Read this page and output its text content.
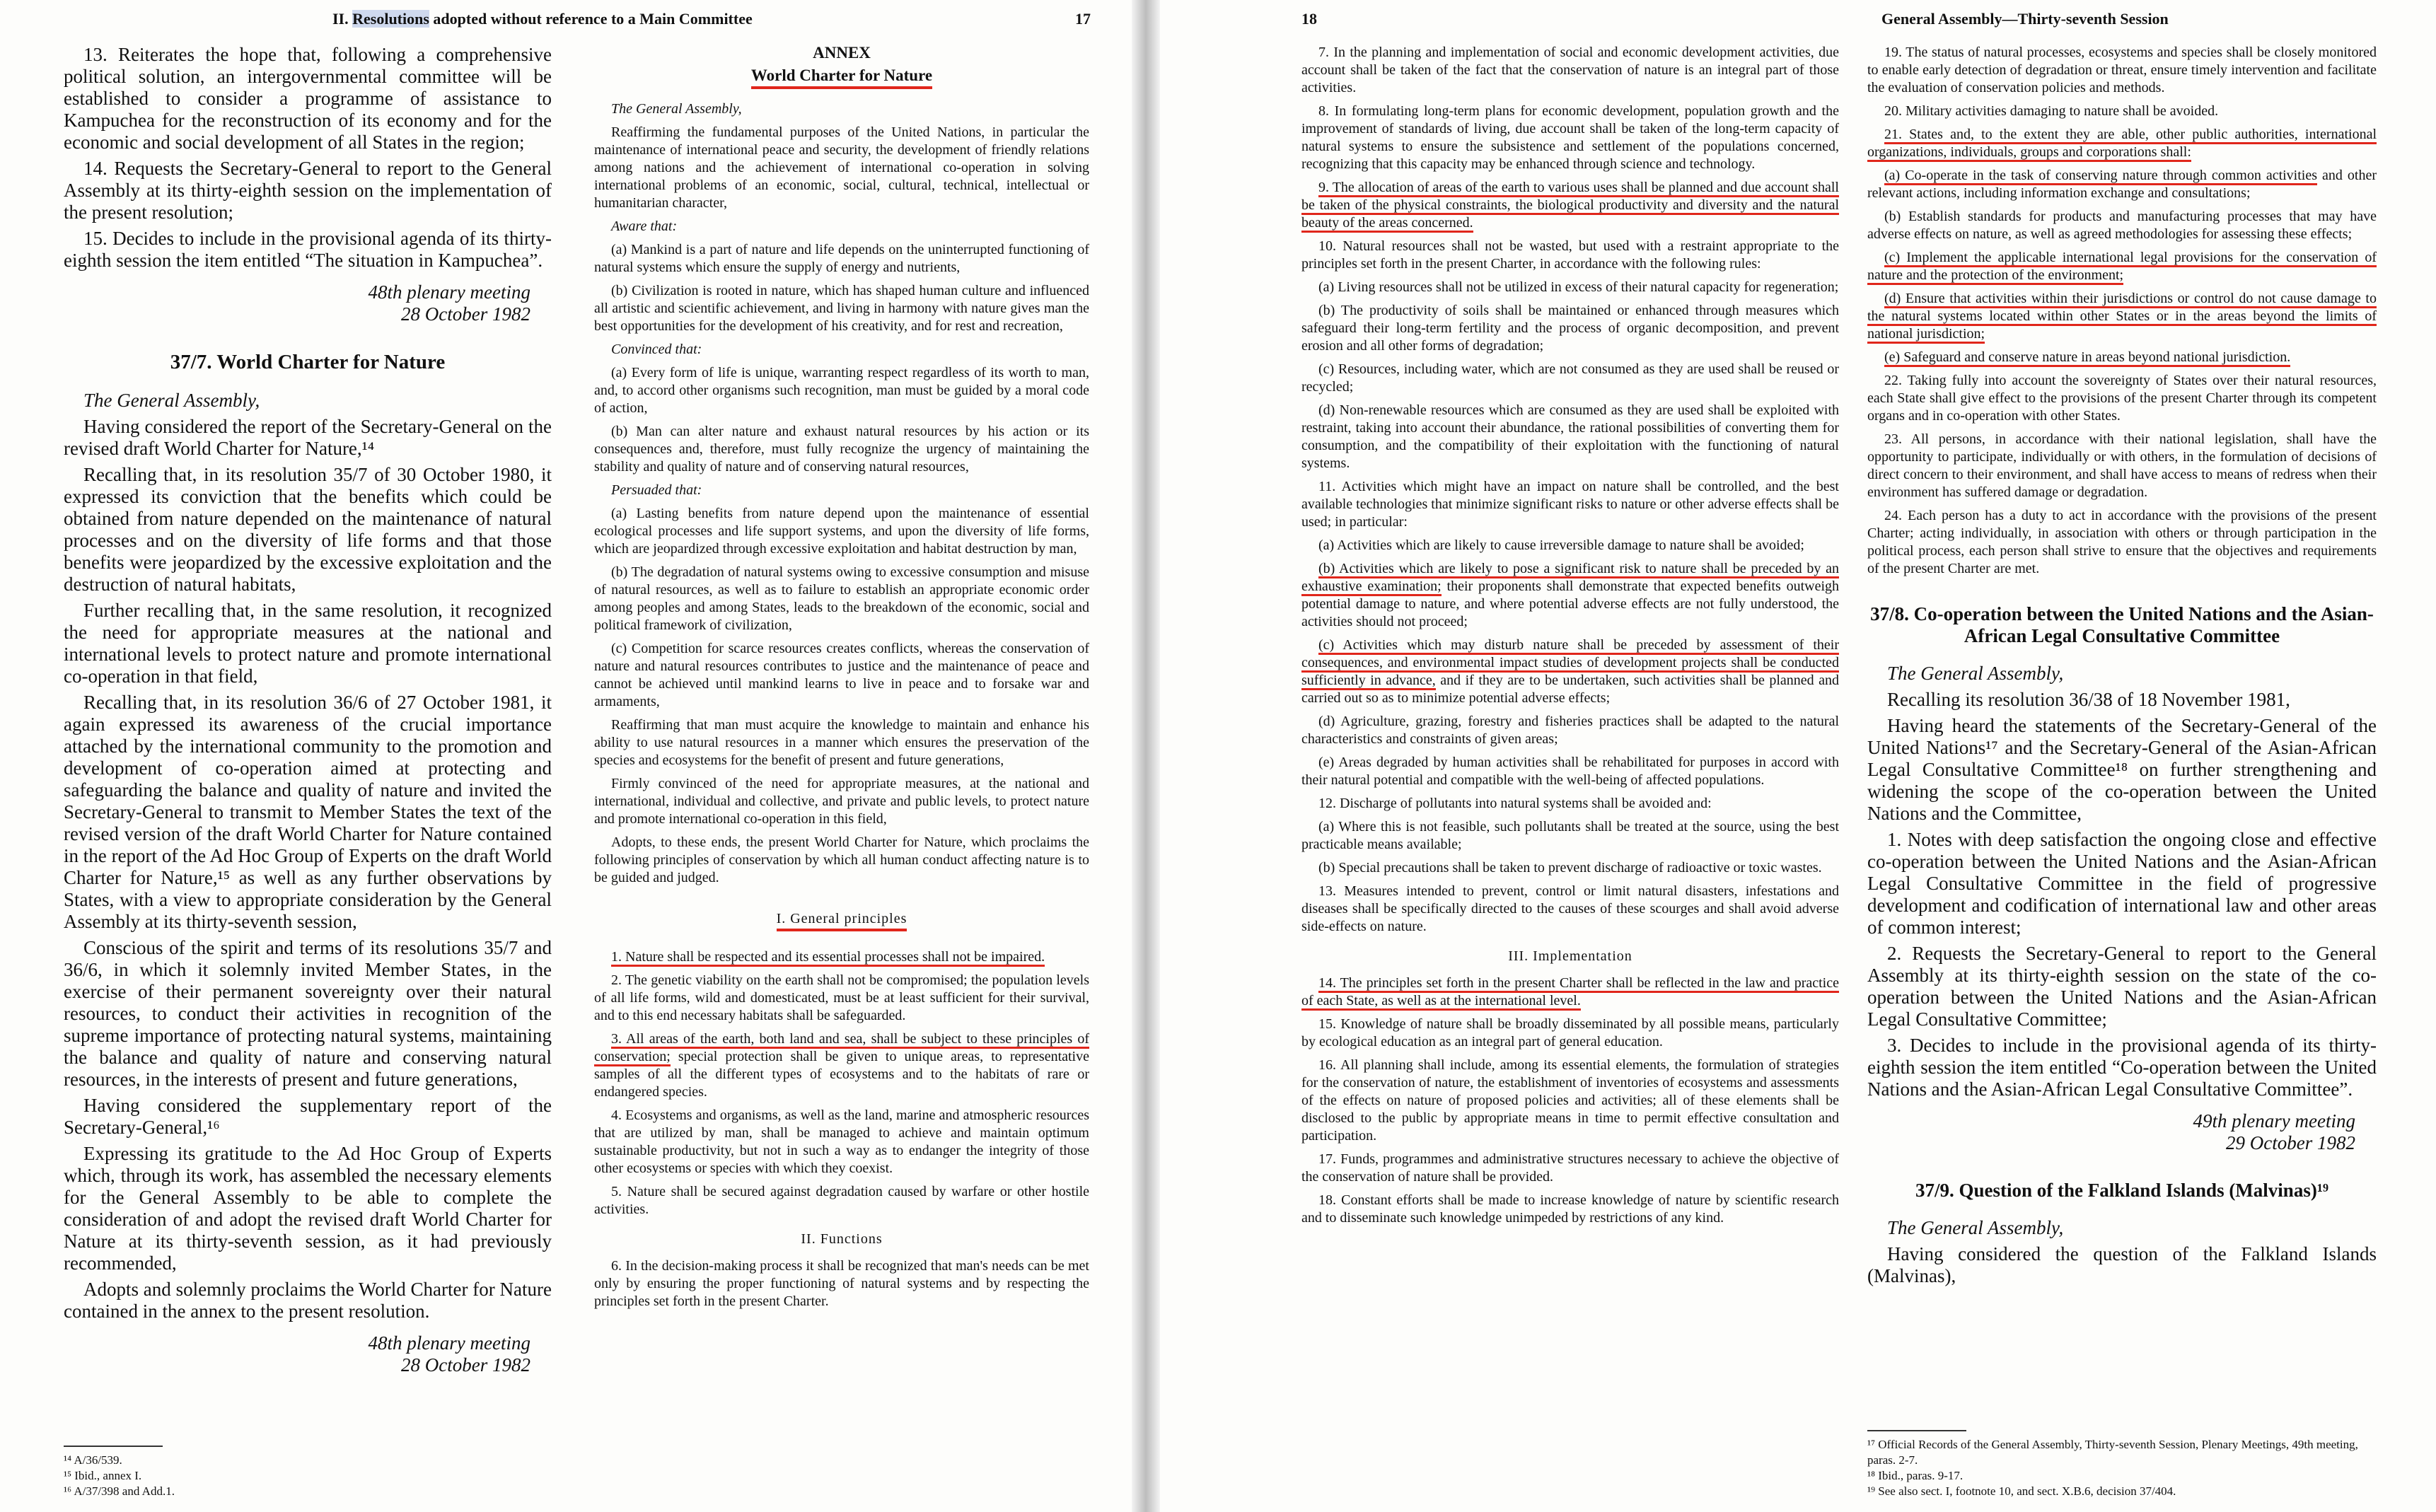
II. Resolutions adopted without reference to a Main Committee	17

13. Reiterates the hope that, following a comprehensive political solution, an intergovernmental committee will be established to consider a programme of assistance to Kampuchea for the reconstruction of its economy and for the economic and social development of all States in the region;

14. Requests the Secretary-General to report to the General Assembly at its thirty-eighth session on the implementation of the present resolution;

15. Decides to include in the provisional agenda of its thirty-eighth session the item entitled “The situation in Kampuchea”.

48th plenary meeting
28 October 1982
37/7. World Charter for Nature

The General Assembly,

Having considered the report of the Secretary-General on the revised draft World Charter for Nature,¹⁴

Recalling that, in its resolution 35/7 of 30 October 1980, it expressed its conviction that the benefits which could be obtained from nature depended on the maintenance of natural processes and on the diversity of life forms and that those benefits were jeopardized by the excessive exploitation and the destruction of natural habitats,

Further recalling that, in the same resolution, it recognized the need for appropriate measures at the national and international levels to protect nature and promote international co-operation in that field,

Recalling that, in its resolution 36/6 of 27 October 1981, it again expressed its awareness of the crucial importance attached by the international community to the promotion and development of co-operation aimed at protecting and safeguarding the balance and quality of nature and invited the Secretary-General to transmit to Member States the text of the revised version of the draft World Charter for Nature contained in the report of the Ad Hoc Group of Experts on the draft World Charter for Nature,¹⁵ as well as any further observations by States, with a view to appropriate consideration by the General Assembly at its thirty-seventh session,

Conscious of the spirit and terms of its resolutions 35/7 and 36/6, in which it solemnly invited Member States, in the exercise of their permanent sovereignty over their natural resources, to conduct their activities in recognition of the supreme importance of protecting natural systems, maintaining the balance and quality of nature and conserving natural resources, in the interests of present and future generations,

Having considered the supplementary report of the Secretary-General,¹⁶

Expressing its gratitude to the Ad Hoc Group of Experts which, through its work, has assembled the necessary elements for the General Assembly to be able to complete the consideration of and adopt the revised draft World Charter for Nature at its thirty-seventh session, as it had previously recommended,

Adopts and solemnly proclaims the World Charter for Nature contained in the annex to the present resolution.

48th plenary meeting
28 October 1982

¹⁴ A/36/539.

¹⁵ Ibid., annex I.

¹⁶ A/37/398 and Add.1.

ANNEX
World Charter for Nature

The General Assembly,

Reaffirming the fundamental purposes of the United Nations, in particular the maintenance of international peace and security, the development of friendly relations among nations and the achievement of international co-operation in solving international problems of an economic, social, cultural, technical, intellectual or humanitarian character,

Aware that:

(a) Mankind is a part of nature and life depends on the uninterrupted functioning of natural systems which ensure the supply of energy and nutrients,

(b) Civilization is rooted in nature, which has shaped human culture and influenced all artistic and scientific achievement, and living in harmony with nature gives man the best opportunities for the development of his creativity, and for rest and recreation,

Convinced that:

(a) Every form of life is unique, warranting respect regardless of its worth to man, and, to accord other organisms such recognition, man must be guided by a moral code of action,

(b) Man can alter nature and exhaust natural resources by his action or its consequences and, therefore, must fully recognize the urgency of maintaining the stability and quality of nature and of conserving natural resources,

Persuaded that:

(a) Lasting benefits from nature depend upon the maintenance of essential ecological processes and life support systems, and upon the diversity of life forms, which are jeopardized through excessive exploitation and habitat destruction by man,

(b) The degradation of natural systems owing to excessive consumption and misuse of natural resources, as well as to failure to establish an appropriate economic order among peoples and among States, leads to the breakdown of the economic, social and political framework of civilization,

(c) Competition for scarce resources creates conflicts, whereas the conservation of nature and natural resources contributes to justice and the maintenance of peace and cannot be achieved until mankind learns to live in peace and to forsake war and armaments,

Reaffirming that man must acquire the knowledge to maintain and enhance his ability to use natural resources in a manner which ensures the preservation of the species and ecosystems for the benefit of present and future generations,

Firmly convinced of the need for appropriate measures, at the national and international, individual and collective, and private and public levels, to protect nature and promote international co-operation in this field,

Adopts, to these ends, the present World Charter for Nature, which proclaims the following principles of conservation by which all human conduct affecting nature is to be guided and judged.

I. General principles

1. Nature shall be respected and its essential processes shall not be impaired.

2. The genetic viability on the earth shall not be compromised; the population levels of all life forms, wild and domesticated, must be at least sufficient for their survival, and to this end necessary habitats shall be safeguarded.

3. All areas of the earth, both land and sea, shall be subject to these principles of conservation; special protection shall be given to unique areas, to representative samples of all the different types of ecosystems and to the habitats of rare or endangered species.

4. Ecosystems and organisms, as well as the land, marine and atmospheric resources that are utilized by man, shall be managed to achieve and maintain optimum sustainable productivity, but not in such a way as to endanger the integrity of those other ecosystems or species with which they coexist.

5. Nature shall be secured against degradation caused by warfare or other hostile activities.

II. Functions

6. In the decision-making process it shall be recognized that man's needs can be met only by ensuring the proper functioning of natural systems and by respecting the principles set forth in the present Charter.

18	General Assembly—Thirty-seventh Session

7. In the planning and implementation of social and economic development activities, due account shall be taken of the fact that the conservation of nature is an integral part of those activities.

8. In formulating long-term plans for economic development, population growth and the improvement of standards of living, due account shall be taken of the long-term capacity of natural systems to ensure the subsistence and settlement of the populations concerned, recognizing that this capacity may be enhanced through science and technology.

9. The allocation of areas of the earth to various uses shall be planned and due account shall be taken of the physical constraints, the biological productivity and diversity and the natural beauty of the areas concerned.

10. Natural resources shall not be wasted, but used with a restraint appropriate to the principles set forth in the present Charter, in accordance with the following rules:

(a) Living resources shall not be utilized in excess of their natural capacity for regeneration;

(b) The productivity of soils shall be maintained or enhanced through measures which safeguard their long-term fertility and the process of organic decomposition, and prevent erosion and all other forms of degradation;

(c) Resources, including water, which are not consumed as they are used shall be reused or recycled;

(d) Non-renewable resources which are consumed as they are used shall be exploited with restraint, taking into account their abundance, the rational possibilities of converting them for consumption, and the compatibility of their exploitation with the functioning of natural systems.

11. Activities which might have an impact on nature shall be controlled, and the best available technologies that minimize significant risks to nature or other adverse effects shall be used; in particular:

(a) Activities which are likely to cause irreversible damage to nature shall be avoided;

(b) Activities which are likely to pose a significant risk to nature shall be preceded by an exhaustive examination; their proponents shall demonstrate that expected benefits outweigh potential damage to nature, and where potential adverse effects are not fully understood, the activities should not proceed;

(c) Activities which may disturb nature shall be preceded by assessment of their consequences, and environmental impact studies of development projects shall be conducted sufficiently in advance, and if they are to be undertaken, such activities shall be planned and carried out so as to minimize potential adverse effects;

(d) Agriculture, grazing, forestry and fisheries practices shall be adapted to the natural characteristics and constraints of given areas;

(e) Areas degraded by human activities shall be rehabilitated for purposes in accord with their natural potential and compatible with the well-being of affected populations.

12. Discharge of pollutants into natural systems shall be avoided and:

(a) Where this is not feasible, such pollutants shall be treated at the source, using the best practicable means available;

(b) Special precautions shall be taken to prevent discharge of radioactive or toxic wastes.

13. Measures intended to prevent, control or limit natural disasters, infestations and diseases shall be specifically directed to the causes of these scourges and shall avoid adverse side-effects on nature.

III. Implementation

14. The principles set forth in the present Charter shall be reflected in the law and practice of each State, as well as at the international level.

15. Knowledge of nature shall be broadly disseminated by all possible means, particularly by ecological education as an integral part of general education.

16. All planning shall include, among its essential elements, the formulation of strategies for the conservation of nature, the establishment of inventories of ecosystems and assessments of the effects on nature of proposed policies and activities; all of these elements shall be disclosed to the public by appropriate means in time to permit effective consultation and participation.

17. Funds, programmes and administrative structures necessary to achieve the objective of the conservation of nature shall be provided.

18. Constant efforts shall be made to increase knowledge of nature by scientific research and to disseminate such knowledge unimpeded by restrictions of any kind.

19. The status of natural processes, ecosystems and species shall be closely monitored to enable early detection of degradation or threat, ensure timely intervention and facilitate the evaluation of conservation policies and methods.

20. Military activities damaging to nature shall be avoided.

21. States and, to the extent they are able, other public authorities, international organizations, individuals, groups and corporations shall:

(a) Co-operate in the task of conserving nature through common activities and other relevant actions, including information exchange and consultations;

(b) Establish standards for products and manufacturing processes that may have adverse effects on nature, as well as agreed methodologies for assessing these effects;

(c) Implement the applicable international legal provisions for the conservation of nature and the protection of the environment;

(d) Ensure that activities within their jurisdictions or control do not cause damage to the natural systems located within other States or in the areas beyond the limits of national jurisdiction;

(e) Safeguard and conserve nature in areas beyond national jurisdiction.

22. Taking fully into account the sovereignty of States over their natural resources, each State shall give effect to the provisions of the present Charter through its competent organs and in co-operation with other States.

23. All persons, in accordance with their national legislation, shall have the opportunity to participate, individually or with others, in the formulation of decisions of direct concern to their environment, and shall have access to means of redress when their environment has suffered damage or degradation.

24. Each person has a duty to act in accordance with the provisions of the present Charter; acting individually, in association with others or through participation in the political process, each person shall strive to ensure that the objectives and requirements of the present Charter are met.

37/8. Co-operation between the United Nations and the Asian-African Legal Consultative Committee

The General Assembly,

Recalling its resolution 36/38 of 18 November 1981,

Having heard the statements of the Secretary-General of the United Nations¹⁷ and the Secretary-General of the Asian-African Legal Consultative Committee¹⁸ on further strengthening and widening the scope of the co-operation between the United Nations and the Committee,

1. Notes with deep satisfaction the ongoing close and effective co-operation between the United Nations and the Asian-African Legal Consultative Committee in the field of progressive development and codification of international law and other areas of common interest;

2. Requests the Secretary-General to report to the General Assembly at its thirty-eighth session on the state of the co-operation between the United Nations and the Asian-African Legal Consultative Committee;

3. Decides to include in the provisional agenda of its thirty-eighth session the item entitled “Co-operation between the United Nations and the Asian-African Legal Consultative Committee”.

49th plenary meeting
29 October 1982
37/9. Question of the Falkland Islands (Malvinas)¹⁹

The General Assembly,

Having considered the question of the Falkland Islands (Malvinas),

¹⁷ Official Records of the General Assembly, Thirty-seventh Session, Plenary Meetings, 49th meeting, paras. 2-7.

¹⁸ Ibid., paras. 9-17.

¹⁹ See also sect. I, footnote 10, and sect. X.B.6, decision 37/404.
